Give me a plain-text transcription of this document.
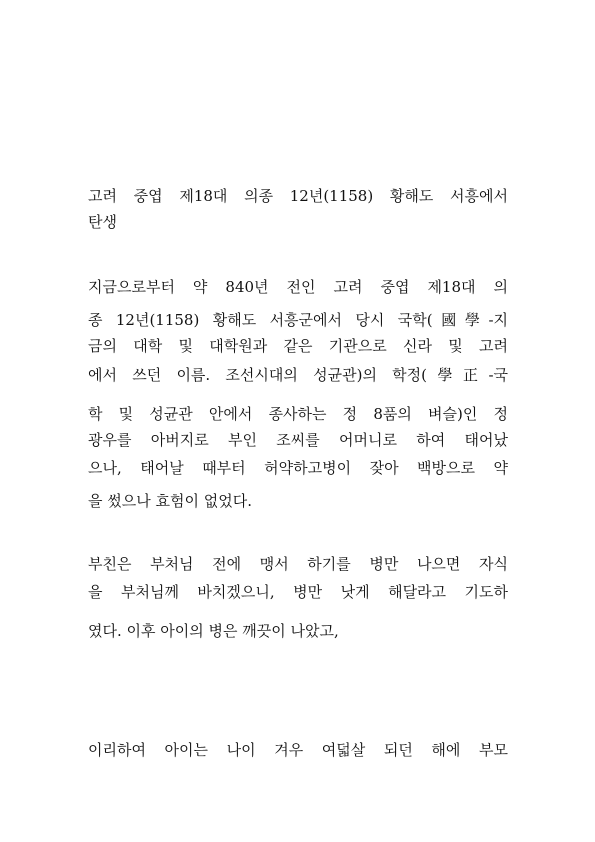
고려 중엽 제18대 의종 12년(1158) 황해도 서흥에서
탄생
지금으로부터 약 840년 전인 고려 중엽 제18대 의
종 12년(1158) 황해도 서흥군에서 당시 국학(國學-지
금의 대학 및 대학원과 같은 기관으로 신라 및 고려
에서 쓰던 이름. 조선시대의 성균관)의 학정(學正-국
학 및 성균관 안에서 종사하는 정 8품의 벼슬)인 정
광우를 아버지로 부인 조씨를 어머니로 하여 태어났
으나, 태어날 때부터 허약하고병이 잦아 백방으로 약
을 썼으나 효험이 없었다.
부친은 부처님 전에 맹서 하기를 병만 나으면 자식
을 부처님께 바치겠으니, 병만 낫게 해달라고 기도하
였다. 이후 아이의 병은 깨끗이 나았고,
이리하여 아이는 나이 겨우 여덟살 되던 해에 부모
